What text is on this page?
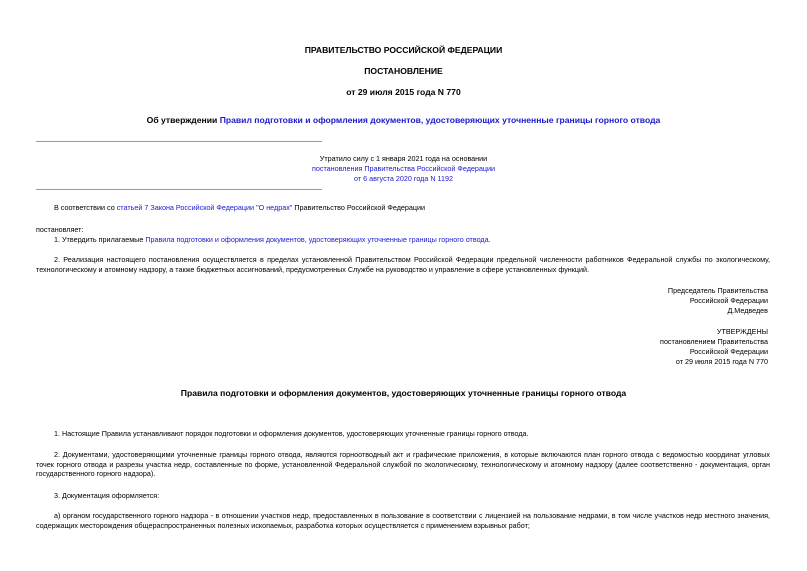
ПРАВИТЕЛЬСТВО РОССИЙСКОЙ ФЕДЕРАЦИИ
ПОСТАНОВЛЕНИЕ
от 29 июля 2015 года N 770
Об утверждении Правил подготовки и оформления документов, удостоверяющих уточненные границы горного отвода
Утратило силу с 1 января 2021 года на основании
постановления Правительства Российской Федерации
от 6 августа 2020 года N 1192
В соответствии со статьей 7 Закона Российской Федерации "О недрах" Правительство Российской Федерации
постановляет:
1. Утвердить прилагаемые Правила подготовки и оформления документов, удостоверяющих уточненные границы горного отвода.
2. Реализация настоящего постановления осуществляется в пределах установленной Правительством Российской Федерации предельной численности работников Федеральной службы по экологическому, технологическому и атомному надзору, а также бюджетных ассигнований, предусмотренных Службе на руководство и управление в сфере установленных функций.
Председатель Правительства
Российской Федерации
Д.Медведев
УТВЕРЖДЕНЫ
постановлением Правительства
Российской Федерации
от 29 июля 2015 года N 770
Правила подготовки и оформления документов, удостоверяющих уточненные границы горного отвода
1. Настоящие Правила устанавливают порядок подготовки и оформления документов, удостоверяющих уточненные границы горного отвода.
2. Документами, удостоверяющими уточненные границы горного отвода, являются горноотводный акт и графические приложения, в которые включаются план горного отвода с ведомостью координат угловых точек горного отвода и разрезы участка недр, составленные по форме, установленной Федеральной службой по экологическому, технологическому и атомному надзору (далее соответственно - документация, орган государственного горного надзора).
3. Документация оформляется:
а) органом государственного горного надзора - в отношении участков недр, предоставленных в пользование в соответствии с лицензией на пользование недрами, в том числе участков недр местного значения, содержащих месторождения общераспространенных полезных ископаемых, разработка которых осуществляется с применением взрывных работ;
